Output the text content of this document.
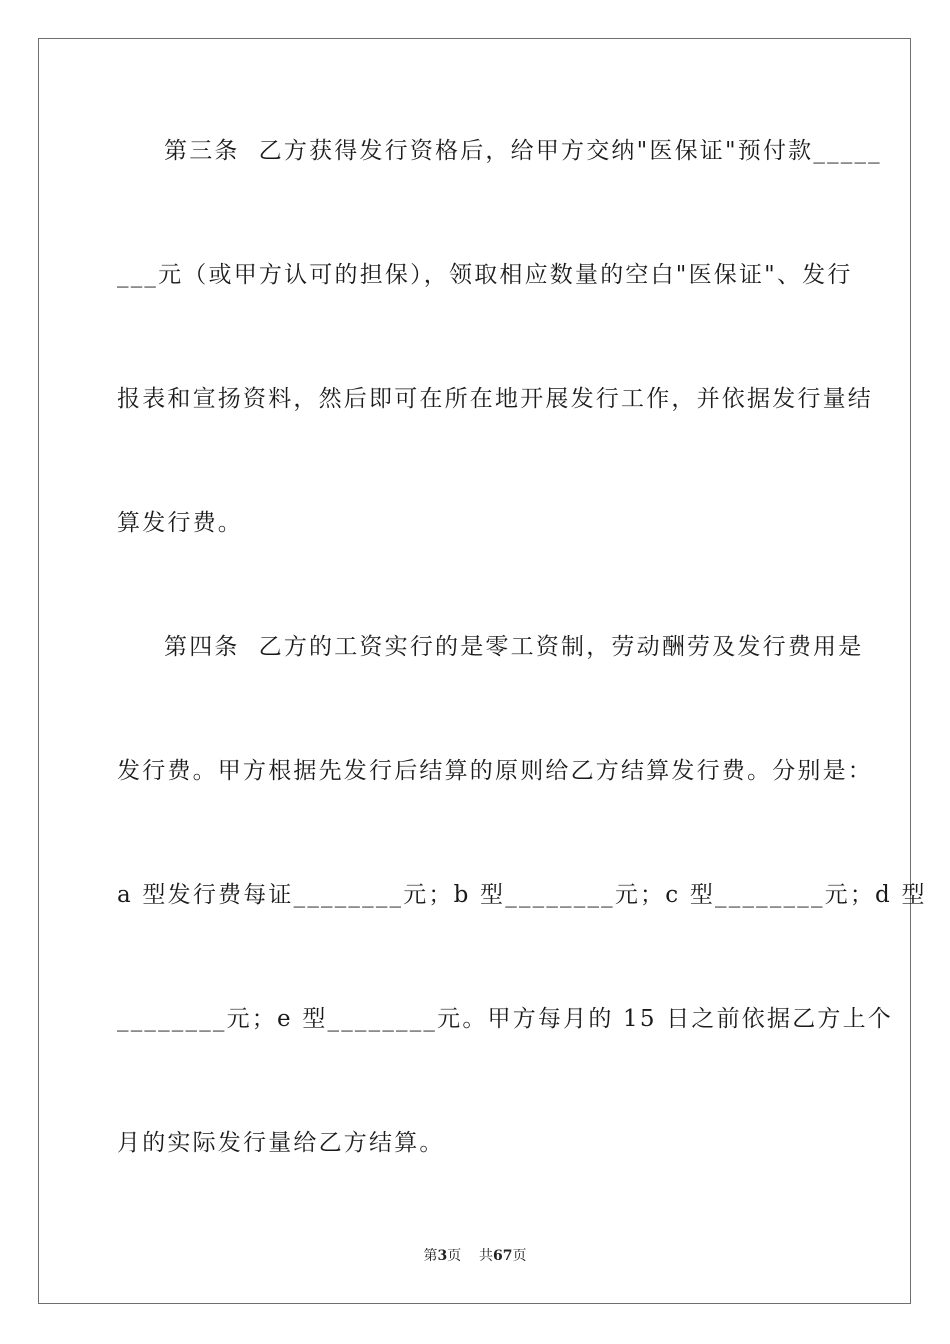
第三条  乙方获得发行资格后，给甲方交纳"医保证"预付款_____
___元（或甲方认可的担保），领取相应数量的空白"医保证"、发行
报表和宣扬资料，然后即可在所在地开展发行工作，并依据发行量结
算发行费。
第四条  乙方的工资实行的是零工资制，劳动酬劳及发行费用是
发行费。甲方根据先发行后结算的原则给乙方结算发行费。分别是：
a 型发行费每证________元；b 型________元；c 型________元；d 型
________元；e 型________元。甲方每月的 15 日之前依据乙方上个
月的实际发行量给乙方结算。
第3页 共67页
